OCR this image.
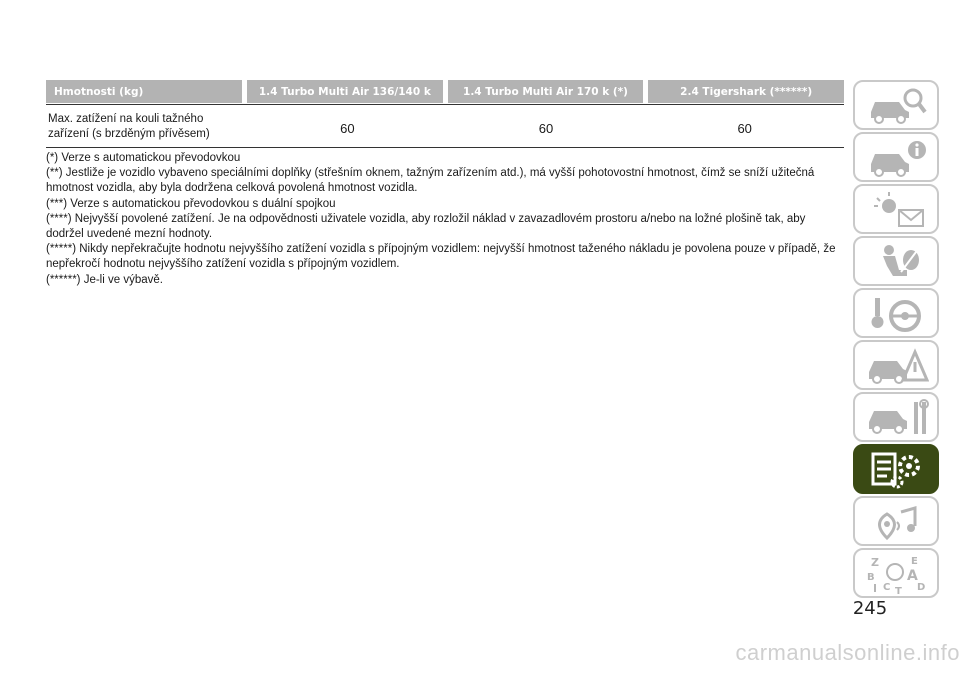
Hmotnosti (kg)	1.4 Turbo Multi Air 136/140 k	1.4 Turbo Multi Air 170 k (*)	2.4 Tigershark (******)
Max. zatížení na kouli tažného
zařízení (s brzděným přívěsem)	60	60	60

(*) Verze s automatickou převodovkou

(**) Jestliže je vozidlo vybaveno speciálními doplňky (střešním oknem, tažným zařízením atd.), má vyšší pohotovostní hmotnost, čímž se sníží užitečná hmotnost vozidla, aby byla dodržena celková povolená hmotnost vozidla.

(***) Verze s automatickou převodovkou s duální spojkou

(****) Nejvyšší povolené zatížení. Je na odpovědnosti uživatele vozidla, aby rozložil náklad v zavazadlovém prostoru a/nebo na ložné plošině tak, aby dodržel uvedené mezní hodnoty.

(*****) Nikdy nepřekračujte hodnotu nejvyššího zatížení vozidla s přípojným vozidlem: nejvyšší hmotnost taženého nákladu je povolena pouze v případě, že nepřekročí hodnotu nejvyššího zatížení vozidla s přípojným vozidlem.

(******) Je-li ve výbavě.

Z	E
B A
D
C T
245
carmanualsonline.info
